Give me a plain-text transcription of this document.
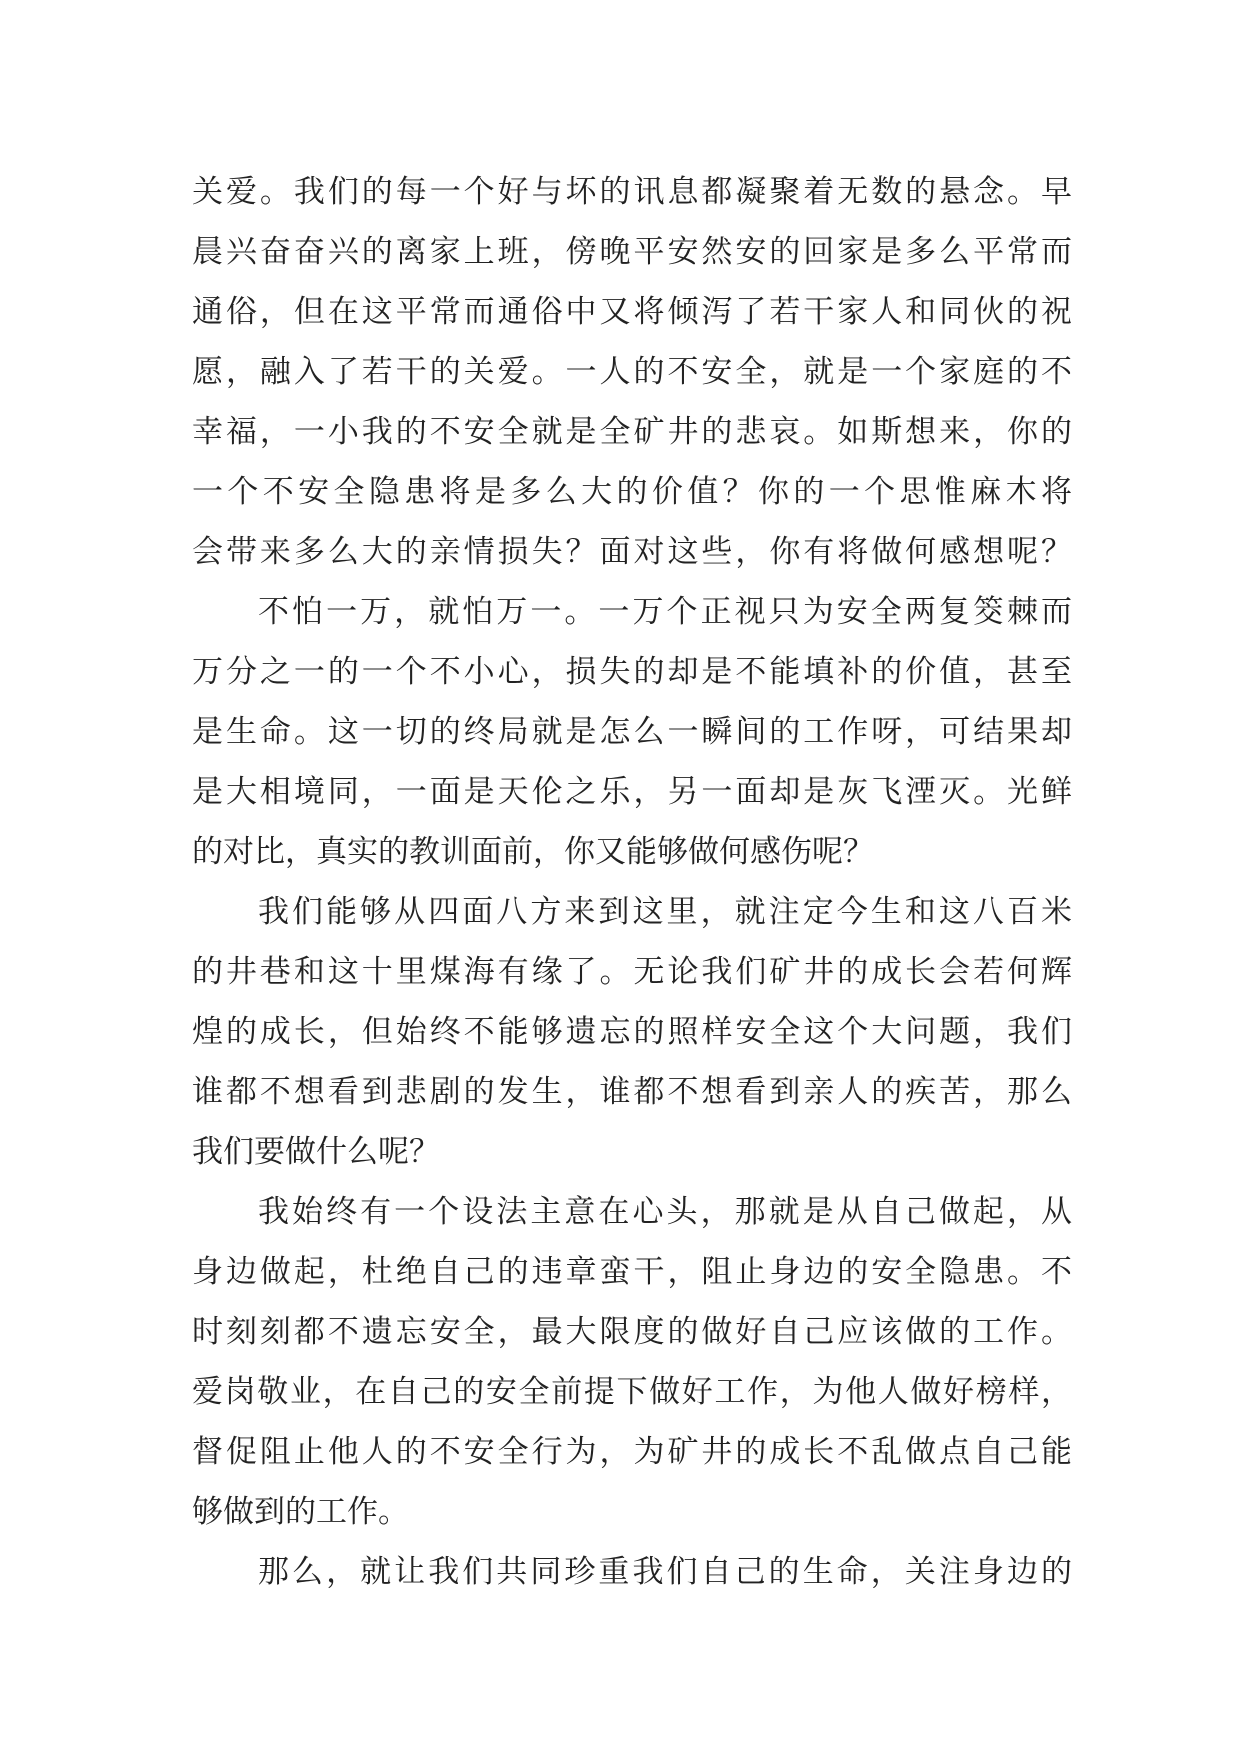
关爱。我们的每一个好与坏的讯息都凝聚着无数的悬念。早
晨兴奋奋兴的离家上班，傍晚平安然安的回家是多么平常而
通俗，但在这平常而通俗中又将倾泻了若干家人和同伙的祝
愿，融入了若干的关爱。一人的不安全，就是一个家庭的不
幸福，一小我的不安全就是全矿井的悲哀。如斯想来，你的
一个不安全隐患将是多么大的价值？你的一个思惟麻木将
会带来多么大的亲情损失？面对这些，你有将做何感想呢？
不怕一万，就怕万一。一万个正视只为安全两复筊棘而
万分之一的一个不小心，损失的却是不能填补的价值，甚至
是生命。这一切的终局就是怎么一瞬间的工作呀，可结果却
是大相境同，一面是天伦之乐，另一面却是灰飞湮灭。光鲜
的对比，真实的教训面前，你又能够做何感伤呢？
我们能够从四面八方来到这里，就注定今生和这八百米
的井巷和这十里煤海有缘了。无论我们矿井的成长会若何辉
煌的成长，但始终不能够遗忘的照样安全这个大问题，我们
谁都不想看到悲剧的发生，谁都不想看到亲人的疾苦，那么
我们要做什么呢？
我始终有一个设法主意在心头，那就是从自己做起，从
身边做起，杜绝自己的违章蛮干，阻止身边的安全隐患。不
时刻刻都不遗忘安全，最大限度的做好自己应该做的工作。
爱岗敬业，在自己的安全前提下做好工作，为他人做好榜样，
督促阻止他人的不安全行为，为矿井的成长不乱做点自己能
够做到的工作。
那么，就让我们共同珍重我们自己的生命，关注身边的
